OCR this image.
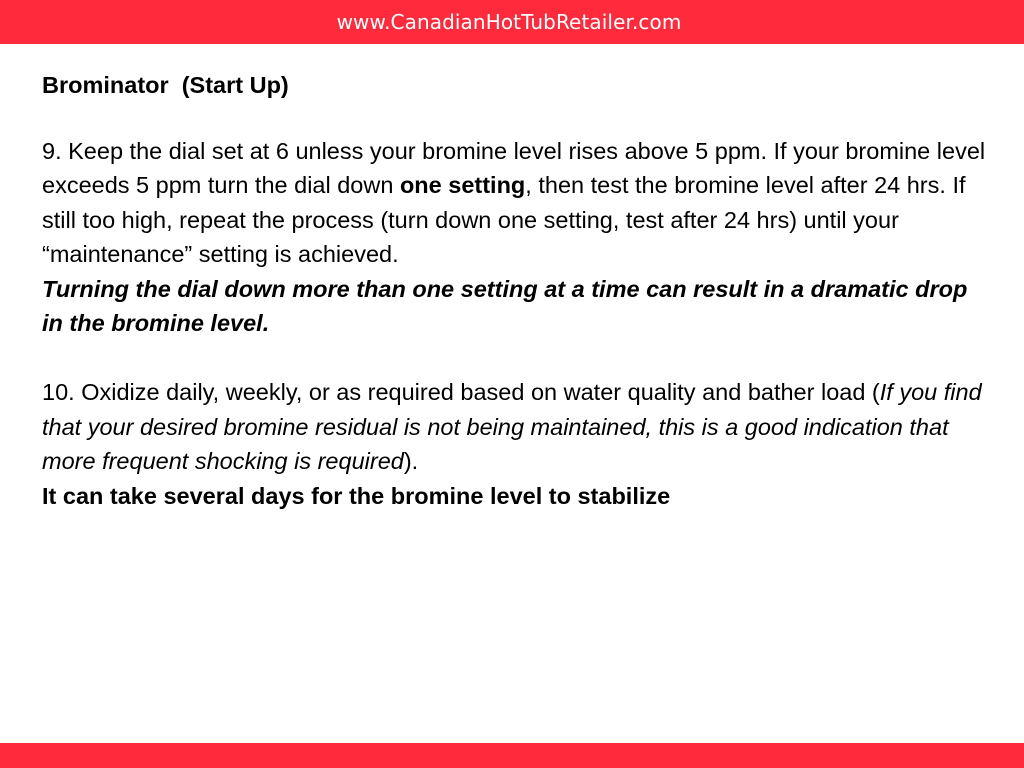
www.CanadianHotTubRetailer.com

Brominator  (Start Up)

9. Keep the dial set at 6 unless your bromine level rises above 5 ppm. If your bromine level exceeds 5 ppm turn the dial down one setting, then test the bromine level after 24 hrs. If still too high, repeat the process (turn down one setting, test after 24 hrs) until your “maintenance” setting is achieved.

Turning the dial down more than one setting at a time can result in a dramatic drop in the bromine level.

10. Oxidize daily, weekly, or as required based on water quality and bather load (If you find that your desired bromine residual is not being maintained, this is a good indication that more frequent shocking is required).

It can take several days for the bromine level to stabilize
